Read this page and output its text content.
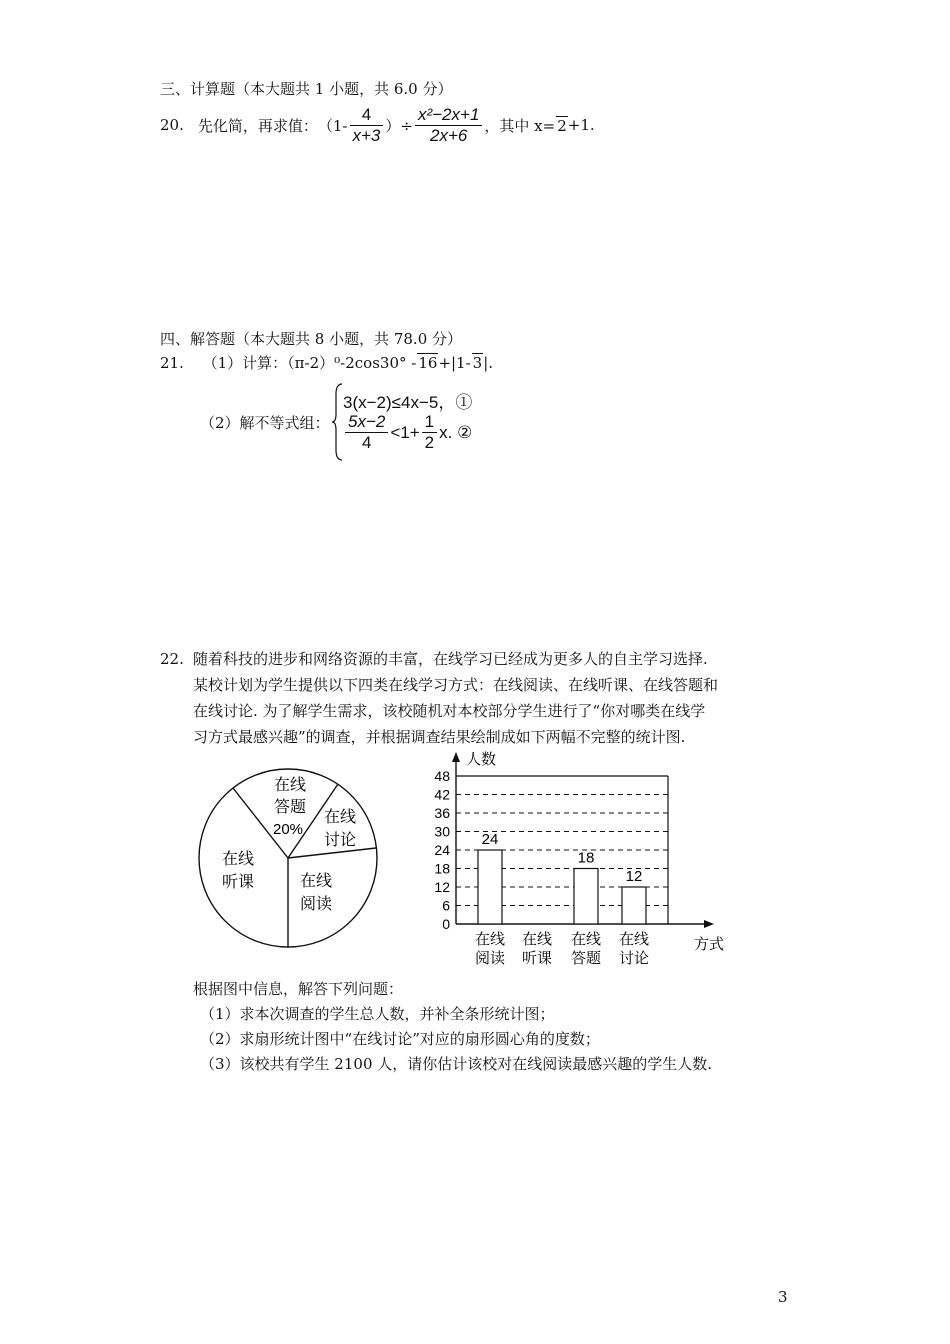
三、计算题（本大题共 1 小题，共 6.0 分）
20. 先化简，再求值： （$1- \frac{4}{x+3}$ ）÷ $\frac{\text{x²−2x+1}}{2x+6}$ ，其中 x= 2 +1.
四、解答题（本大题共 8 小题，共 78.0 分）
21. （1）计算：（π-2）⁰-2cos30° - 16+|1- 3|.
（2）解不等式组：
3(x−2)≤4x−5，①
$\frac{5x-2}{4} <1+ \frac{1}{2} x$. ②
22. 随着科技的进步和网络资源的丰富，在线学习已经成为更多人的自主学习选择.
某校计划为学生提供以下四类在线学习方式：在线阅读、在线听课、在线答题和
在线讨论. 为了解学生需求，该校随机对本校部分学生进行了“你对哪类在线学
习方式最感兴趣”的调查，并根据调查结果绘制成如下两幅不完整的统计图.
在线
答题
20%
在线
讨论
在线
阅读
在线
听课
0
6
12
18
24
30
36
42
48
人数
方式
24
在线
阅读
在线
听课
18
在线
答题
12
在线
讨论
根据图中信息，解答下列问题：
（1）求本次调查的学生总人数，并补全条形统计图；
（2）求扇形统计图中“在线讨论”对应的扇形圆心角的度数；
（3）该校共有学生 2100 人，请你估计该校对在线阅读最感兴趣的学生人数.
3
